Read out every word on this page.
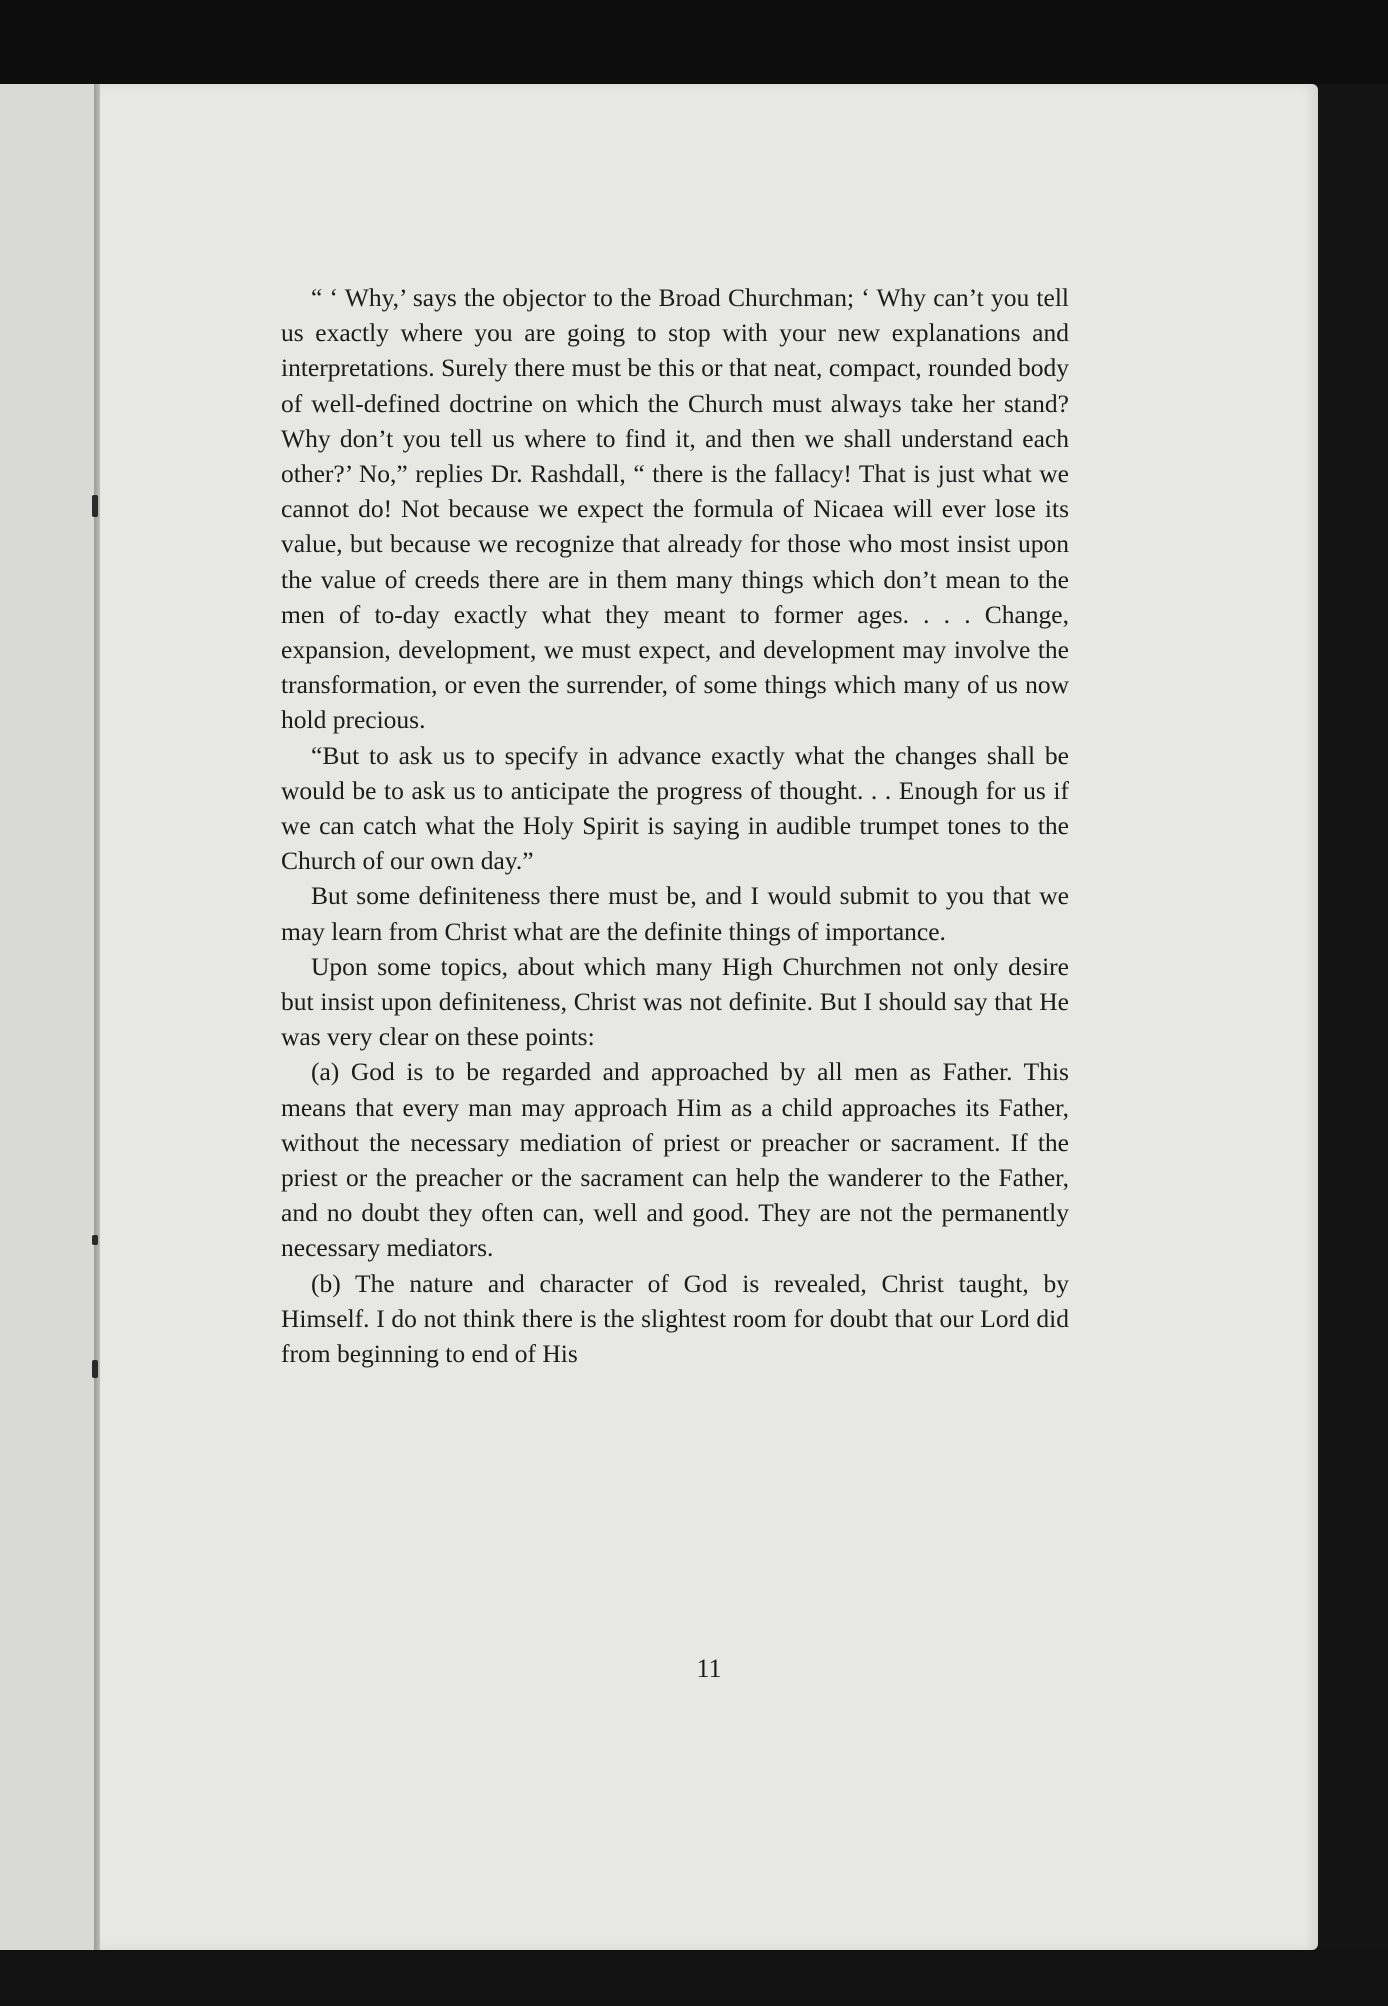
“ ‘ Why,’ says the objector to the Broad Churchman; ‘ Why can’t you tell us exactly where you are going to stop with your new explanations and interpretations. Surely there must be this or that neat, compact, rounded body of well-defined doctrine on which the Church must always take her stand? Why don’t you tell us where to find it, and then we shall understand each other?’ No,” replies Dr. Rashdall, “ there is the fallacy! That is just what we cannot do! Not because we expect the formula of Nicaea will ever lose its value, but because we recognize that already for those who most insist upon the value of creeds there are in them many things which don’t mean to the men of to-day exactly what they meant to former ages. . . . Change, expansion, development, we must expect, and development may involve the transformation, or even the surrender, of some things which many of us now hold precious.

“But to ask us to specify in advance exactly what the changes shall be would be to ask us to anticipate the progress of thought. . . Enough for us if we can catch what the Holy Spirit is saying in audible trumpet tones to the Church of our own day.”

But some definiteness there must be, and I would submit to you that we may learn from Christ what are the definite things of importance.

Upon some topics, about which many High Churchmen not only desire but insist upon definiteness, Christ was not definite. But I should say that He was very clear on these points:

(a) God is to be regarded and approached by all men as Father. This means that every man may approach Him as a child approaches its Father, without the necessary mediation of priest or preacher or sacrament. If the priest or the preacher or the sacrament can help the wanderer to the Father, and no doubt they often can, well and good. They are not the permanently necessary mediators.

(b) The nature and character of God is revealed, Christ taught, by Himself. I do not think there is the slightest room for doubt that our Lord did from beginning to end of His

11
